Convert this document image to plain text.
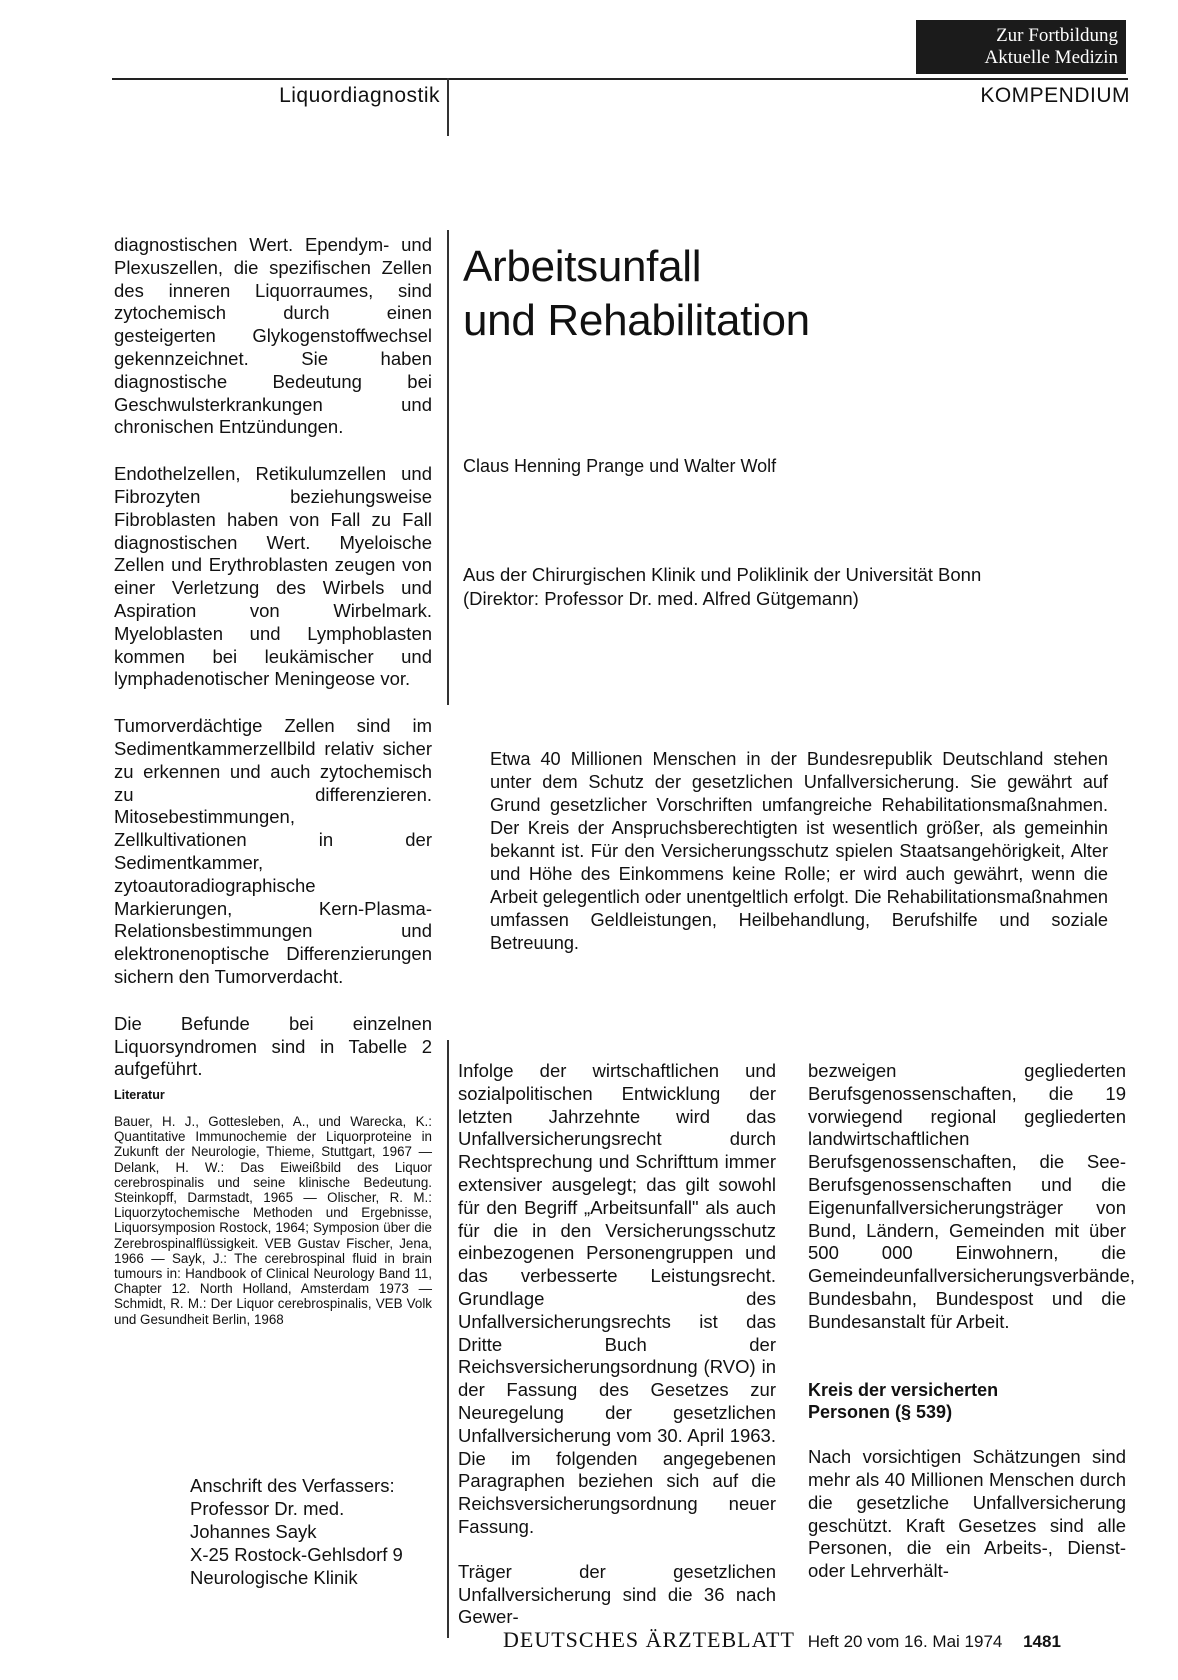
Zur Fortbildung
Aktuelle Medizin
Liquordiagnostik	KOMPENDIUM

diagnostischen Wert. Ependym- und Plexuszellen, die spezifischen Zellen des inneren Liquorraumes, sind zytochemisch durch einen gesteigerten Glykogenstoffwechsel gekennzeichnet. Sie haben diagnostische Bedeutung bei Geschwulsterkrankungen und chronischen Entzündungen.

Endothelzellen, Retikulumzellen und Fibrozyten beziehungsweise Fibroblasten haben von Fall zu Fall diagnostischen Wert. Myeloische Zellen und Erythroblasten zeugen von einer Verletzung des Wirbels und Aspiration von Wirbelmark. Myeloblasten und Lymphoblasten kommen bei leukämischer und lymphadenotischer Meningeose vor.

Tumorverdächtige Zellen sind im Sedimentkammerzellbild relativ sicher zu erkennen und auch zytochemisch zu differenzieren. Mitosebestimmungen, Zellkultivationen in der Sedimentkammer, zytoautoradiographische Markierungen, Kern-Plasma-Relationsbestimmungen und elektronenoptische Differenzierungen sichern den Tumorverdacht.

Die Befunde bei einzelnen Liquorsyndromen sind in Tabelle 2 aufgeführt.

Literatur
Bauer, H. J., Gottesleben, A., und Warecka, K.: Quantitative Immunochemie der Liquorproteine in Zukunft der Neurologie, Thieme, Stuttgart, 1967 — Delank, H. W.: Das Eiweißbild des Liquor cerebrospinalis und seine klinische Bedeutung. Steinkopff, Darmstadt, 1965 — Olischer, R. M.: Liquorzytochemische Methoden und Ergebnisse, Liquorsymposion Rostock, 1964; Symposion über die Zerebrospinalflüssigkeit. VEB Gustav Fischer, Jena, 1966 — Sayk, J.: The cerebrospinal fluid in brain tumours in: Handbook of Clinical Neurology Band 11, Chapter 12. North Holland, Amsterdam 1973 — Schmidt, R. M.: Der Liquor cerebrospinalis, VEB Volk und Gesundheit Berlin, 1968
Anschrift des Verfassers:
Professor Dr. med.
Johannes Sayk
X-25 Rostock-Gehlsdorf 9
Neurologische Klinik
Arbeitsunfall
und Rehabilitation
Claus Henning Prange und Walter Wolf
Aus der Chirurgischen Klinik und Poliklinik der Universität Bonn
(Direktor: Professor Dr. med. Alfred Gütgemann)
Etwa 40 Millionen Menschen in der Bundesrepublik Deutschland stehen unter dem Schutz der gesetzlichen Unfallversicherung. Sie gewährt auf Grund gesetzlicher Vorschriften umfangreiche Rehabilitationsmaßnahmen. Der Kreis der Anspruchsberechtigten ist wesentlich größer, als gemeinhin bekannt ist. Für den Versicherungsschutz spielen Staatsangehörigkeit, Alter und Höhe des Einkommens keine Rolle; er wird auch gewährt, wenn die Arbeit gelegentlich oder unentgeltlich erfolgt. Die Rehabilitationsmaßnahmen umfassen Geldleistungen, Heilbehandlung, Berufshilfe und soziale Betreuung.

Infolge der wirtschaftlichen und sozialpolitischen Entwicklung der letzten Jahrzehnte wird das Unfallversicherungsrecht durch Rechtsprechung und Schrifttum immer extensiver ausgelegt; das gilt sowohl für den Begriff „Arbeitsunfall" als auch für die in den Versicherungsschutz einbezogenen Personengruppen und das verbesserte Leistungsrecht. Grundlage des Unfallversicherungsrechts ist das Dritte Buch der Reichsversicherungsordnung (RVO) in der Fassung des Gesetzes zur Neuregelung der gesetzlichen Unfallversicherung vom 30. April 1963. Die im folgenden angegebenen Paragraphen beziehen sich auf die Reichsversicherungsordnung neuer Fassung.

Träger der gesetzlichen Unfallversicherung sind die 36 nach Gewer-

bezweigen gegliederten Berufsgenossenschaften, die 19 vorwiegend regional gegliederten landwirtschaftlichen Berufsgenossenschaften, die See-Berufsgenossenschaften und die Eigenunfallversicherungsträger von Bund, Ländern, Gemeinden mit über 500 000 Einwohnern, die Gemeindeunfallversicherungsverbände, Bundesbahn, Bundespost und die Bundesanstalt für Arbeit.

Kreis der versicherten
Personen (§ 539)

Nach vorsichtigen Schätzungen sind mehr als 40 Millionen Menschen durch die gesetzliche Unfallversicherung geschützt. Kraft Gesetzes sind alle Personen, die ein Arbeits-, Dienst- oder Lehrverhält-

DEUTSCHES ÄRZTEBLATT Heft 20 vom 16. Mai 1974 1481
